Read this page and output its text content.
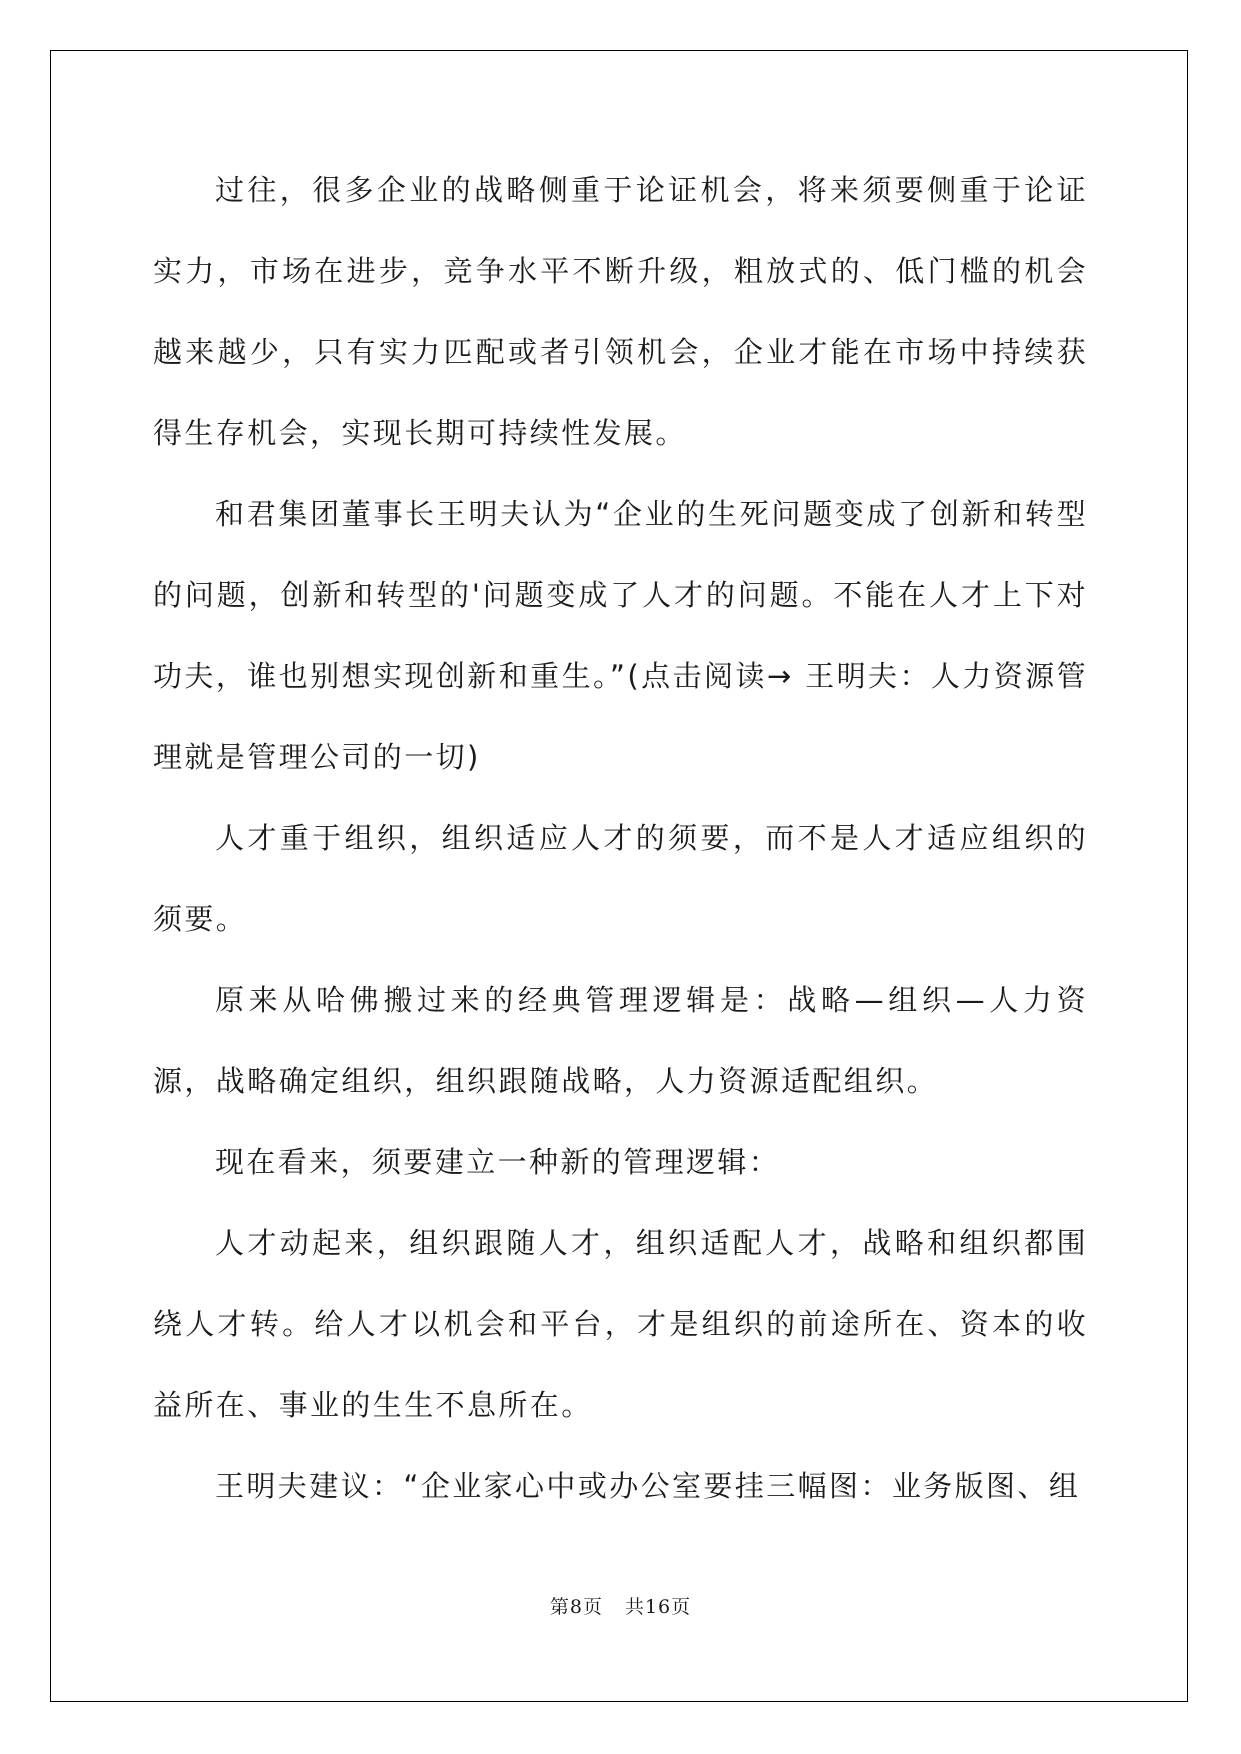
过往，很多企业的战略侧重于论证机会，将来须要侧重于论证实力，市场在进步，竞争水平不断升级，粗放式的、低门槛的机会越来越少，只有实力匹配或者引领机会，企业才能在市场中持续获得生存机会，实现长期可持续性发展。

和君集团董事长王明夫认为“企业的生死问题变成了创新和转型的问题，创新和转型的'问题变成了人才的问题。不能在人才上下对功夫，谁也别想实现创新和重生。”(点击阅读→ 王明夫：人力资源管理就是管理公司的一切)

人才重于组织，组织适应人才的须要，而不是人才适应组织的须要。

原来从哈佛搬过来的经典管理逻辑是：战略—组织—人力资源，战略确定组织，组织跟随战略，人力资源适配组织。

现在看来，须要建立一种新的管理逻辑：

人才动起来，组织跟随人才，组织适配人才，战略和组织都围绕人才转。给人才以机会和平台，才是组织的前途所在、资本的收益所在、事业的生生不息所在。

王明夫建议：“企业家心中或办公室要挂三幅图：业务版图、组

第8页 共16页
